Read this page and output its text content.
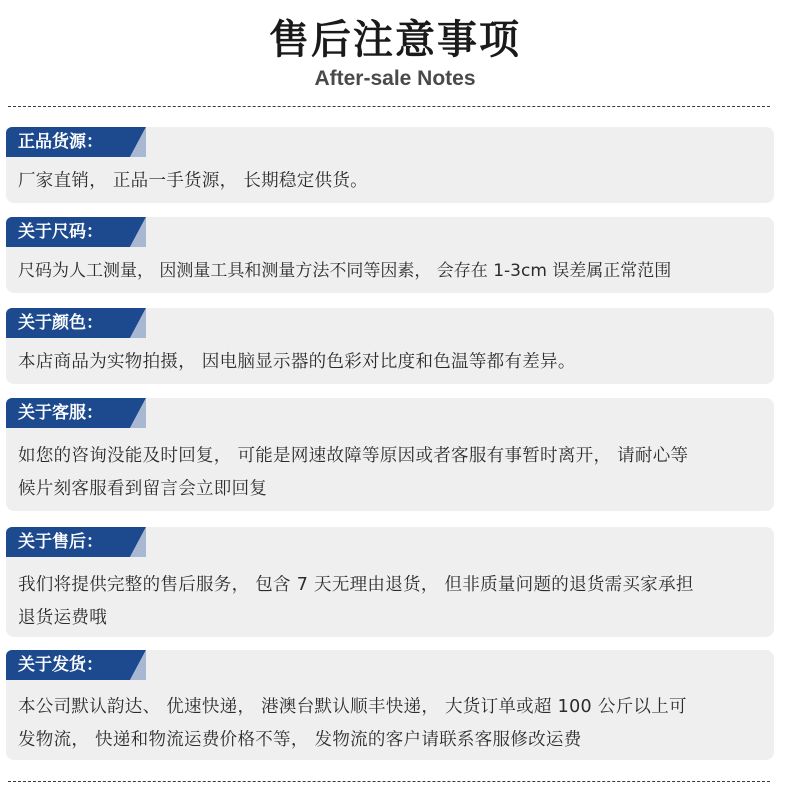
售后注意事项
After-sale Notes
正品货源：
厂家直销， 正品一手货源， 长期稳定供货。
关于尺码：
尺码为人工测量， 因测量工具和测量方法不同等因素， 会存在 1-3cm 误差属正常范围
关于颜色：
本店商品为实物拍摄， 因电脑显示器的色彩对比度和色温等都有差异。
关于客服：
如您的咨询没能及时回复， 可能是网速故障等原因或者客服有事暂时离开， 请耐心等
候片刻客服看到留言会立即回复
关于售后：
我们将提供完整的售后服务， 包含 7 天无理由退货， 但非质量问题的退货需买家承担
退货运费哦
关于发货：
本公司默认韵达、 优速快递， 港澳台默认顺丰快递， 大货订单或超 100 公斤以上可
发物流， 快递和物流运费价格不等， 发物流的客户请联系客服修改运费
